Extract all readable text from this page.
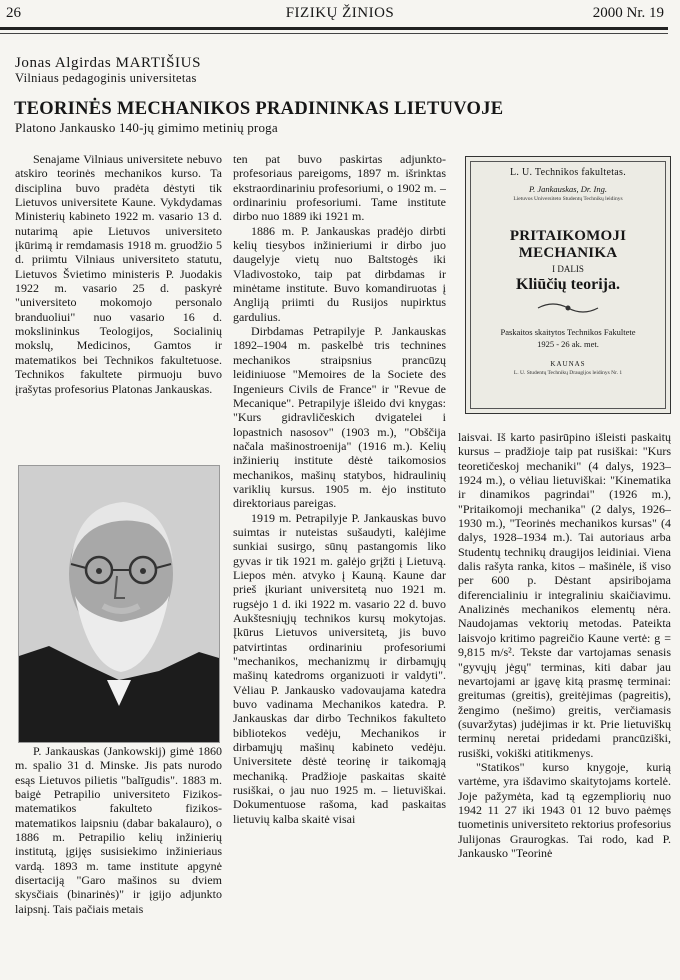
26	FIZIKŲ ŽINIOS	2000 Nr. 19
Jonas Algirdas MARTIŠIUS
Vilniaus pedagoginis universitetas
TEORINĖS MECHANIKOS PRADININKAS LIETUVOJE
Platono Jankausko 140-jų gimimo metinių proga

Senajame Vilniaus universitete nebuvo atskiro teorinės mechanikos kurso. Ta disciplina buvo pradėta dėstyti tik Lietuvos universitete Kaune. Vykdydamas Ministerių kabineto 1922 m. vasario 13 d. nutarimą apie Lietuvos universiteto įkūrimą ir remdamasis 1918 m. gruodžio 5 d. priimtu Vilniaus universiteto statutu, Lietuvos Švietimo ministeris P. Juodakis 1922 m. vasario 25 d. paskyrė "universiteto mokomojo personalo branduoliui" nuo vasario 16 d. mokslininkus Teologijos, Socialinių mokslų, Medicinos, Gamtos ir matematikos bei Technikos fakultetuose. Technikos fakultete pirmuoju buvo įrašytas profesorius Platonas Jankauskas.

P. Jankauskas (Jankowskij) gimė 1860 m. spalio 31 d. Minske. Jis pats nurodo esąs Lietuvos pilietis "balīgudis". 1883 m. baigė Petrapilio universiteto Fizikos-matematikos fakulteto fizikos-matematikos laipsniu (dabar bakalauro), o 1886 m. Petrapilio kelių inžinierių institutą, įgijęs susisiekimo inžinieriaus vardą. 1893 m. tame institute apgynė disertaciją "Garo mašinos su dviem skysčiais (binarinės)" ir įgijo adjunkto laipsnį. Tais pačiais metais

ten pat buvo paskirtas adjunkto-profesoriaus pareigoms, 1897 m. išrinktas ekstraordinariniu profesoriumi, o 1902 m. – ordinariniu profesoriumi. Tame institute dirbo nuo 1889 iki 1921 m.

1886 m. P. Jankauskas pradėjo dirbti kelių tiesybos inžinieriumi ir dirbo juo daugelyje vietų nuo Baltstogės iki Vladivostoko, taip pat dirbdamas ir minėtame institute. Buvo komandiruotas į Angliją priimti du Rusijos nupirktus gardulius.

Dirbdamas Petrapilyje P. Jankauskas 1892–1904 m. paskelbė tris technines mechanikos straipsnius prancūzų leidiniuose "Memoires de la Societe des Ingenieurs Civils de France" ir "Revue de Mecanique". Petrapilyje išleido dvi knygas: "Kurs gidravličeskich dvigatelei i lopastnich nasosov" (1903 m.), "Obščija načala mašinostroenija" (1916 m.). Kelių inžinierių institute dėstė taikomosios mechanikos, mašinų statybos, hidraulinių variklių kursus. 1905 m. ėjo instituto direktoriaus pareigas.

1919 m. Petrapilyje P. Jankauskas buvo suimtas ir nuteistas sušaudyti, kalėjime sunkiai susirgo, sūnų pastangomis liko gyvas ir tik 1921 m. galėjo grįžti į Lietuvą. Liepos mėn. atvyko į Kauną. Kaune dar prieš įkuriant universitetą nuo 1921 m. rugsėjo 1 d. iki 1922 m. vasario 22 d. buvo Aukštesniųjų technikos kursų mokytojas. Įkūrus Lietuvos universitetą, jis buvo patvirtintas ordinariniu profesoriumi "mechanikos, mechanizmų ir dirbamųjų mašinų katedroms organizuoti ir valdyti". Vėliau P. Jankausko vadovaujama katedra buvo vadinama Mechanikos katedra. P. Jankauskas dar dirbo Technikos fakulteto bibliotekos vedėju, Mechanikos ir dirbamųjų mašinų kabineto vedėju. Universitete dėstė teorinę ir taikomąją mechaniką. Pradžioje paskaitas skaitė rusiškai, o jau nuo 1925 m. – lietuviškai. Dokumentuose rašoma, kad paskaitas lietuvių kalba skaitė visai

L. U. Technikos fakultetas.
P. Jankauskas, Dr. Ing.
Lietuvos Universiteto Studentų Technikų leidinys
PRITAIKOMOJI MECHANIKA
I DALIS
Kliūčių teorija.
Paskaitos skaitytos Technikos Fakultete
1925 - 26 ak. met.
KAUNAS
L. U. Studentų Technikų Draugijos leidinys Nr. 1

laisvai. Iš karto pasirūpino išleisti paskaitų kursus – pradžioje taip pat rusiškai: "Kurs teoretičeskoj mechaniki" (4 dalys, 1923–1924 m.), o vėliau lietuviškai: "Kinematika ir dinamikos pagrindai" (1926 m.), "Pritaikomoji mechanika" (2 dalys, 1926–1930 m.), "Teorinės mechanikos kursas" (4 dalys, 1928–1934 m.). Tai autoriaus arba Studentų technikų draugijos leidiniai. Viena dalis rašyta ranka, kitos – mašinėle, iš viso per 600 p. Dėstant apsiribojama diferencialiniu ir integraliniu skaičiavimu. Analizinės mechanikos elementų nėra. Naudojamas vektorių metodas. Pateikta laisvojo kritimo pagreičio Kaune vertė: g = 9,815 m/s². Tekste dar vartojamas senasis "gyvųjų jėgų" terminas, kiti dabar jau nevartojami ar įgavę kitą prasmę terminai: greitumas (greitis), greitėjimas (pagreitis), žengimo (nešimo) greitis, verčiamasis (suvaržytas) judėjimas ir kt. Prie lietuviškų terminų neretai pridedami prancūziški, rusiški, vokiški atitikmenys.

"Statikos" kurso knygoje, kurią vartėme, yra išdavimo skaitytojams kortelė. Joje pažymėta, kad tą egzempliorių nuo 1942 11 27 iki 1943 01 12 buvo paėmęs tuometinis universiteto rektorius profesorius Julijonas Graurogkas. Tai rodo, kad P. Jankausko "Teorinė
